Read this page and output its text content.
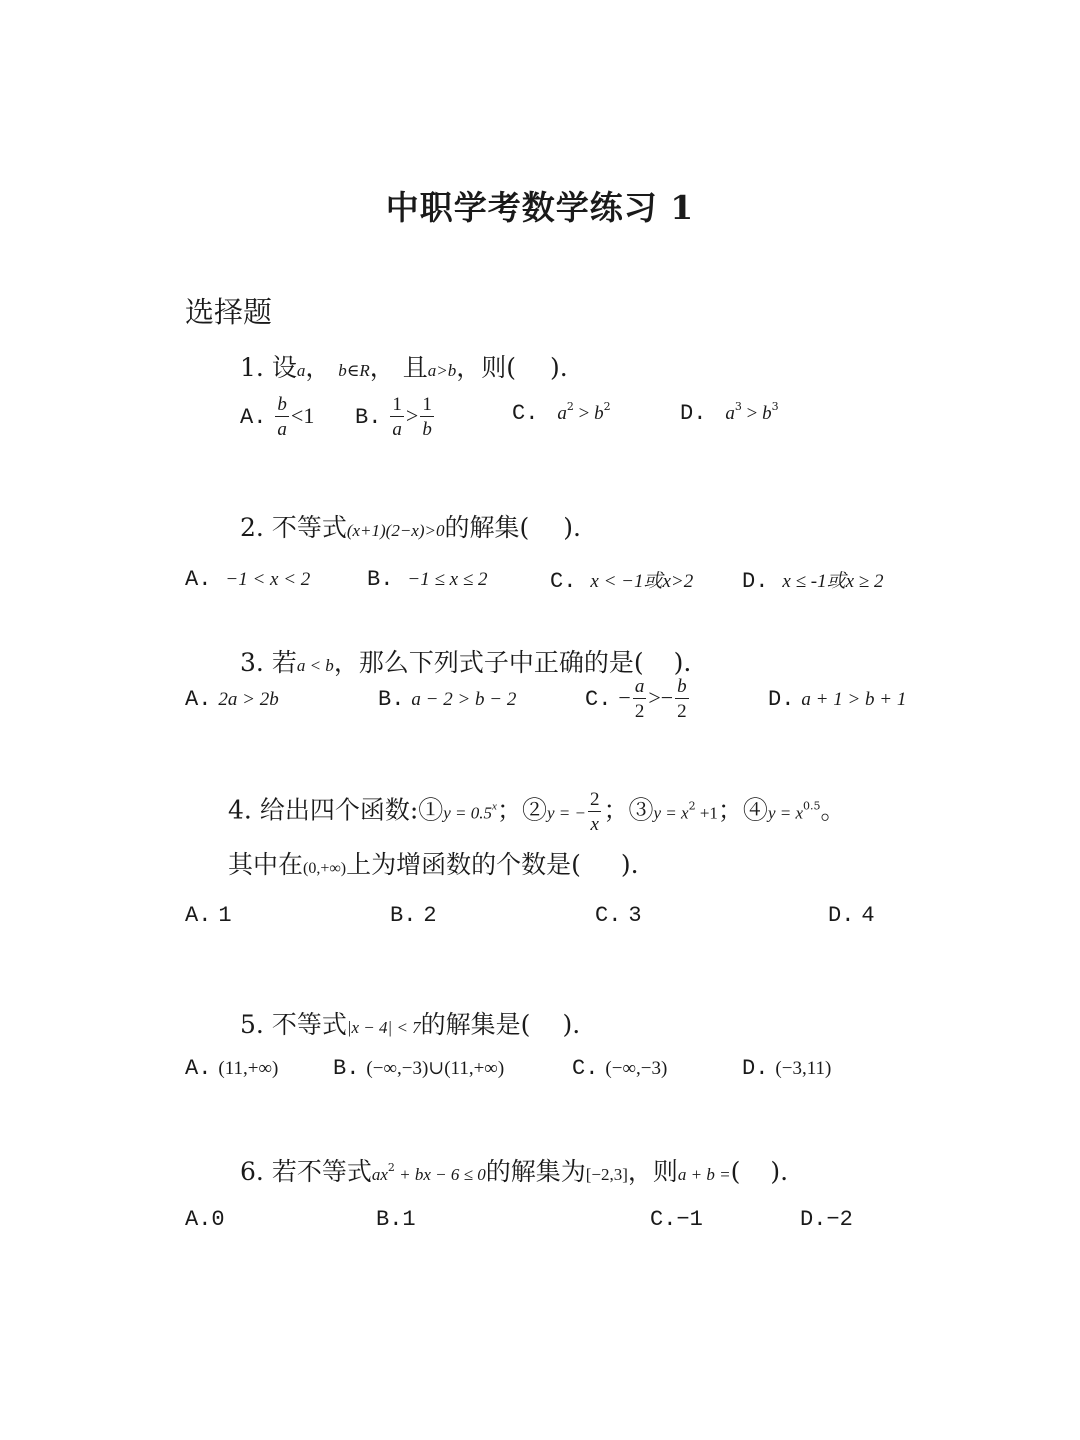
中职学考数学练习 1
选择题
1. 设a， b∈R， 且a>b，则( ).
A. $\frac{b}{a} <1$ B. $\frac{1}{a} > \frac{1}{b}$	C. $a^2 > b^2$	D. $a^3 > b^3$
2. 不等式(x+1)(2−x)>0的解集( ).
A. −1 < x < 2	B. −1 ≤ x ≤ 2	C. x < −1或x>2 D. x ≤ -1或x ≥ 2
3. 若a < b，那么下列式子中正确的是( ).
A. 2a > 2b	B. a − 2 > b − 2	C. − $\frac{a}{2} >- \frac{b}{2}$	D. a + 1 > b + 1
4. 给出四个函数:①y = $0.5^x$；②y = − $\frac{2}{x}$ ；③y = $x^2 +1$；④y = $x^{0.5}$。
其中在(0,+∞)上为增函数的个数是( ).
A. 1	B. 2	C. 3	D. 4
5. 不等式|x − 4| < 7的解集是( ).
A. (11,+∞) B. (−∞,−3)∪(11,+∞)	C. (−∞,−3)	D. (−3,11)
6. 若不等式$ax^2$ + bx − 6 ≤ 0的解集为[−2,3]，则a + b =( ).
A.0	B.1	C.−1	D.−2
